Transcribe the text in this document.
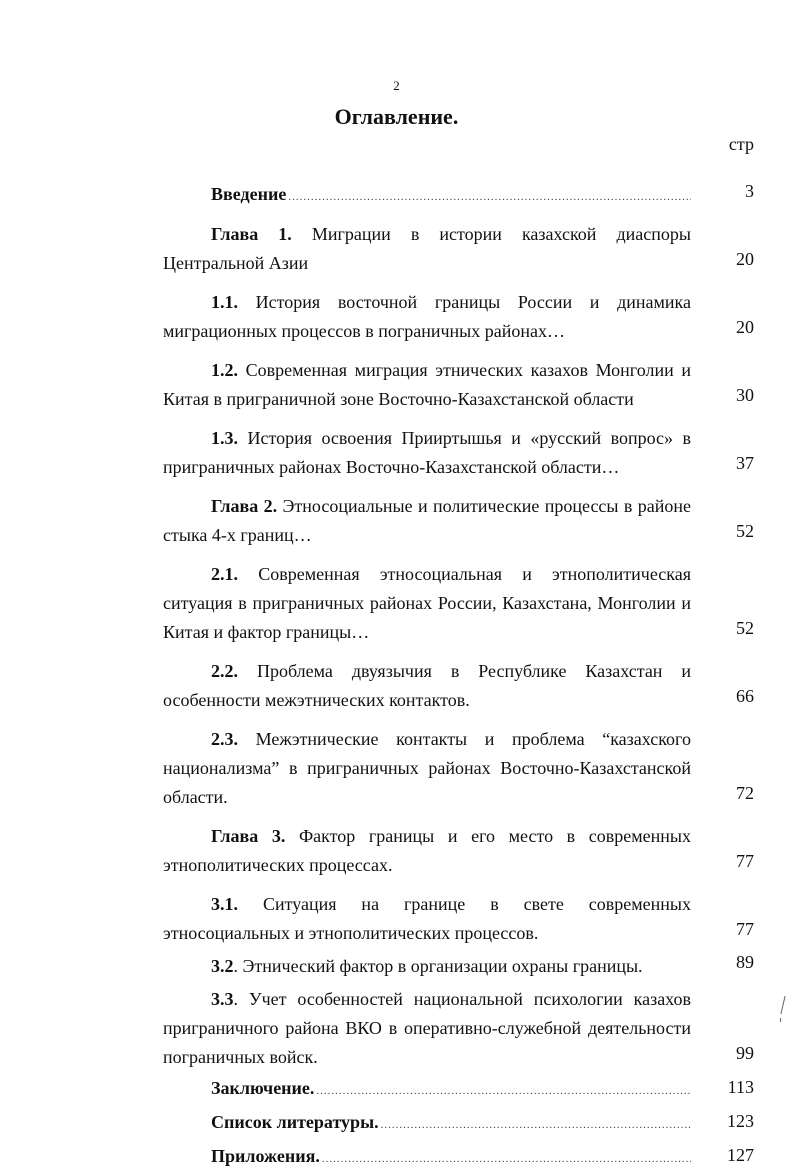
2
Оглавление.
стр
Введение .....	3
Глава 1. Миграции в истории казахской диаспоры Центральной Азии	20
1.1. История восточной границы России и динамика миграционных процессов в пограничных районах…	20
1.2. Современная миграция этнических казахов Монголии и Китая в приграничной зоне Восточно-Казахстанской области	30
1.3. История освоения Прииртышья и «русский вопрос» в приграничных районах Восточно-Казахстанской области…	37
Глава 2. Этносоциальные и политические процессы в районе стыка 4-х границ…	52
2.1. Современная этносоциальная и этнополитическая ситуация в приграничных районах России, Казахстана, Монголии и Китая и фактор границы…	52
2.2. Проблема двуязычия в Республике Казахстан и особенности межэтнических контактов.	66
2.3. Межэтнические контакты и проблема “казахского национализма” в приграничных районах Восточно-Казахстанской области.	72
Глава 3. Фактор границы и его место в современных этнополитических процессах.	77
3.1. Ситуация на границе в свете современных этносоциальных и этнополитических процессов.	77
3.2. Этнический фактор в организации охраны границы.	89
3.3. Учет особенностей национальной психологии казахов приграничного района ВКО в оперативно-служебной деятельности пограничных войск.	99
Заключение. .....	113
Список литературы. .....	123
Приложения. .....	127
